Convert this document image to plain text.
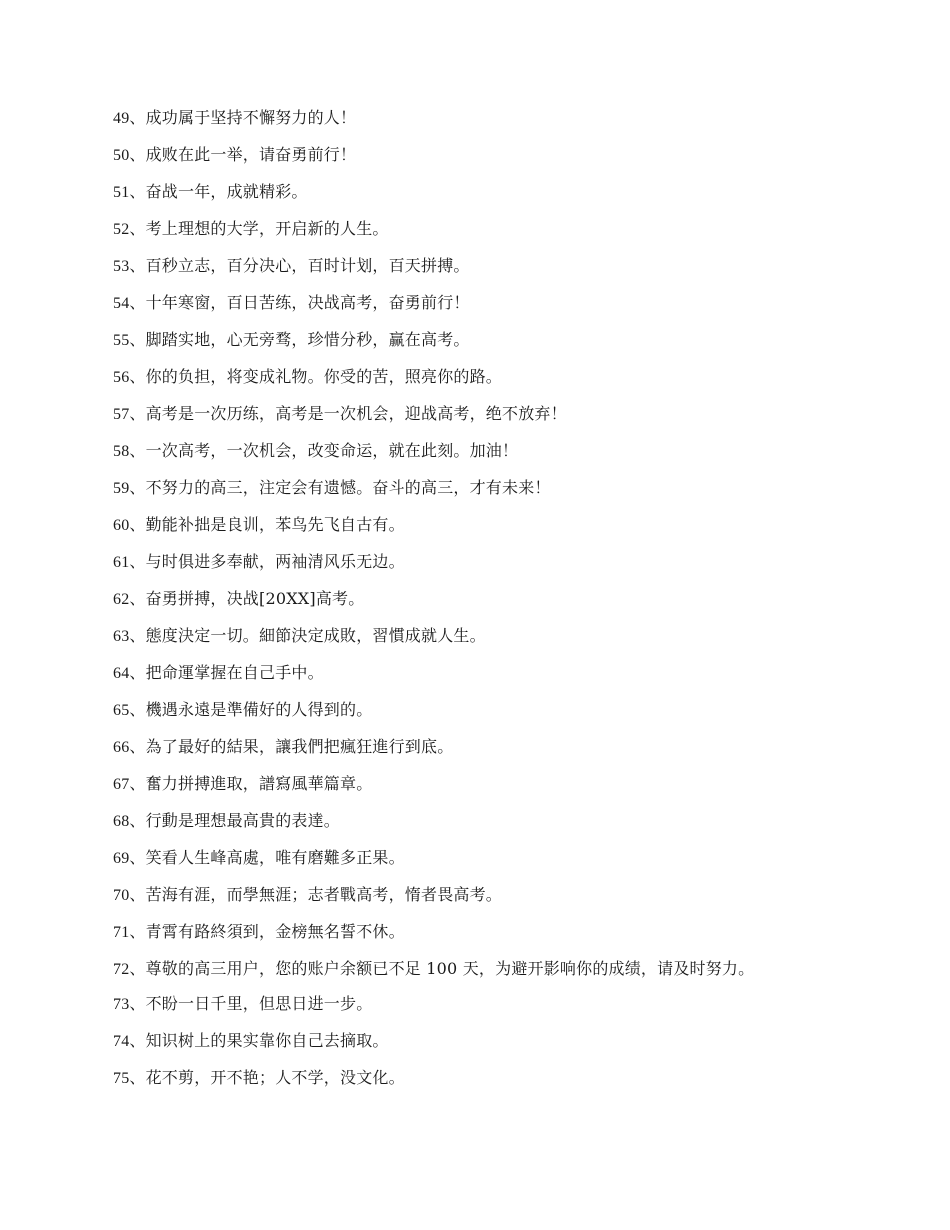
49、成功属于坚持不懈努力的人！

50、成败在此一举，请奋勇前行！

51、奋战一年，成就精彩。

52、考上理想的大学，开启新的人生。

53、百秒立志，百分决心，百时计划，百天拼搏。

54、十年寒窗，百日苦练，决战高考，奋勇前行！

55、脚踏实地，心无旁骛，珍惜分秒，赢在高考。

56、你的负担，将变成礼物。你受的苦，照亮你的路。

57、高考是一次历练，高考是一次机会，迎战高考，绝不放弃！

58、一次高考，一次机会，改变命运，就在此刻。加油！

59、不努力的高三，注定会有遗憾。奋斗的高三，才有未来！

60、勤能补拙是良训，苯鸟先飞自古有。

61、与时俱进多奉献，两袖清风乐无边。

62、奋勇拼搏，决战[20XX]高考。

63、態度決定一切。細節決定成敗，習慣成就人生。

64、把命運掌握在自己手中。

65、機遇永遠是準備好的人得到的。

66、為了最好的結果，讓我們把瘋狂進行到底。

67、奮力拼搏進取，譜寫風華篇章。

68、行動是理想最高貴的表達。

69、笑看人生峰高處，唯有磨難多正果。

70、苦海有涯，而學無涯；志者戰高考，惰者畏高考。

71、青霄有路終須到，金榜無名誓不休。

72、尊敬的高三用户，您的账户余额已不足 100 天，为避开影响你的成绩，请及时努力。

73、不盼一日千里，但思日进一步。

74、知识树上的果实靠你自己去摘取。

75、花不剪，开不艳；人不学，没文化。
